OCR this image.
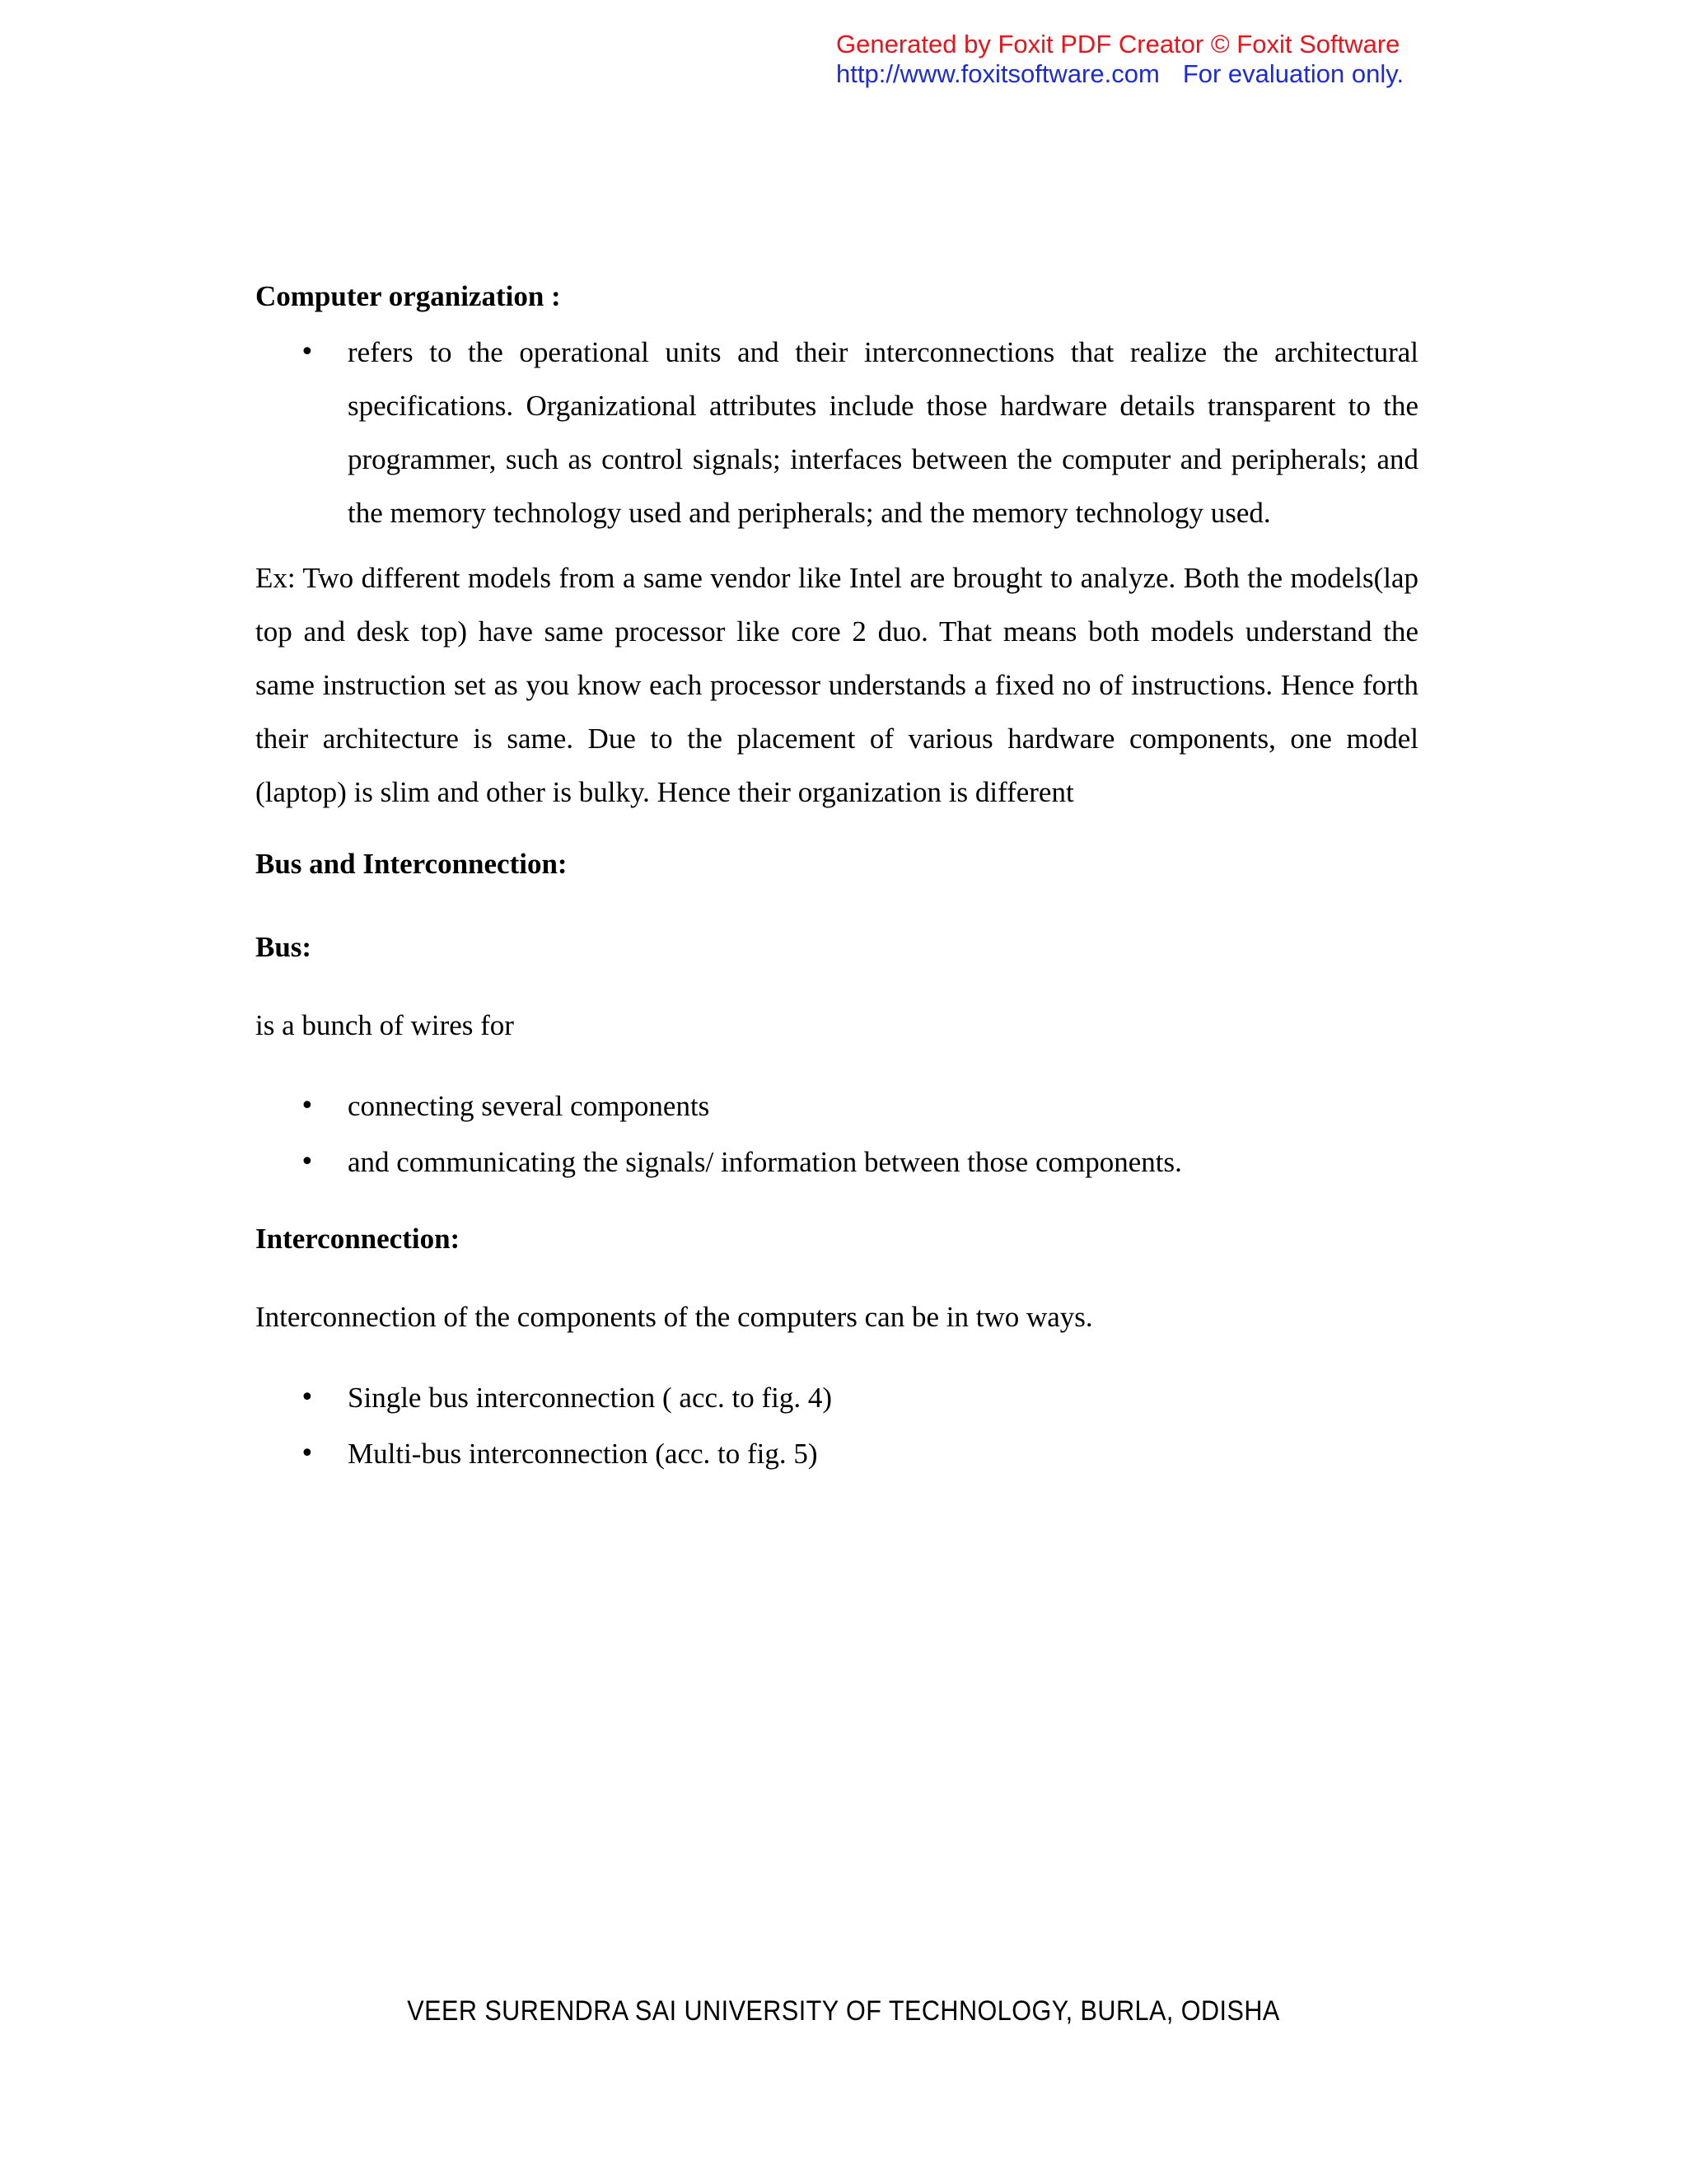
Generated by Foxit PDF Creator © Foxit Software
http://www.foxitsoftware.com For evaluation only.
Computer organization :
• refers to the operational units and their interconnections that realize the architectural specifications. Organizational attributes include those hardware details transparent to the programmer, such as control signals; interfaces between the computer and peripherals; and the memory technology used and peripherals; and the memory technology used.

Ex: Two different models from a same vendor like Intel are brought to analyze. Both the models(lap top and desk top) have same processor like core 2 duo. That means both models understand the same instruction set as you know each processor understands a fixed no of instructions. Hence forth their architecture is same. Due to the placement of various hardware components, one model (laptop) is slim and other is bulky. Hence their organization is different

Bus and Interconnection:
Bus:

is a bunch of wires for

• connecting several components
• and communicating the signals/ information between those components.
Interconnection:

Interconnection of the components of the computers can be in two ways.

• Single bus interconnection ( acc. to fig. 4)
• Multi-bus interconnection (acc. to fig. 5)
VEER SURENDRA SAI UNIVERSITY OF TECHNOLOGY, BURLA, ODISHA
